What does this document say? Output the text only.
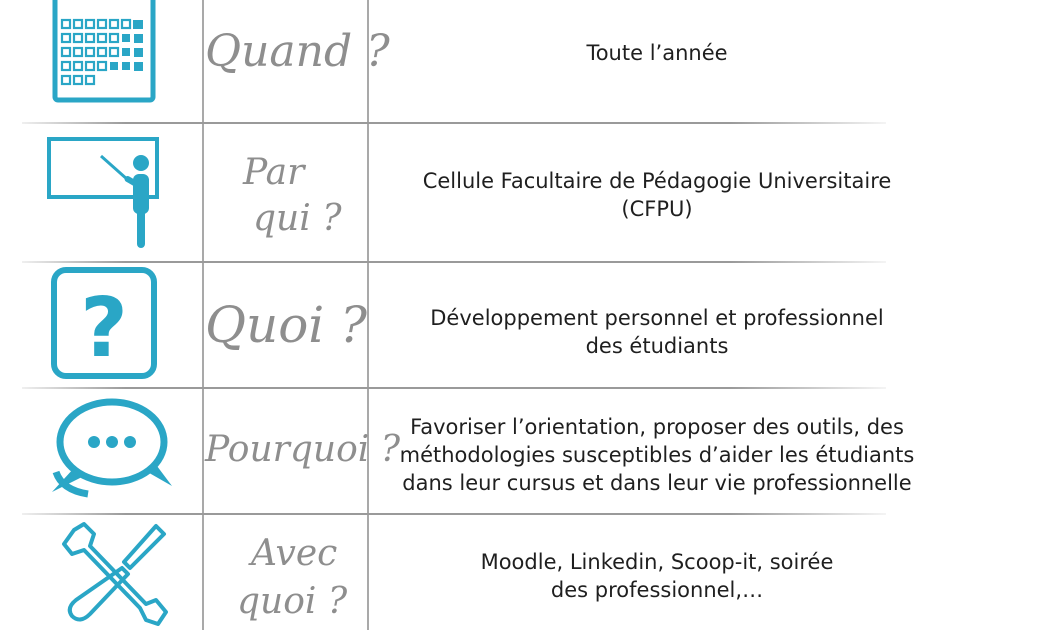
Quand ?	Toute l’année
Par
qui ?
Cellule Facultaire de Pédagogie Universitaire
(CFPU)
? Quoi ?	Développement personnel et professionnel
des étudiants
Pourquoi ?
Favoriser l’orientation, proposer des outils, des
méthodologies susceptibles d’aider les étudiants
dans leur cursus et dans leur vie professionnelle
Avec
quoi ?
Moodle, Linkedin, Scoop-it, soirée
des professionnel,…
